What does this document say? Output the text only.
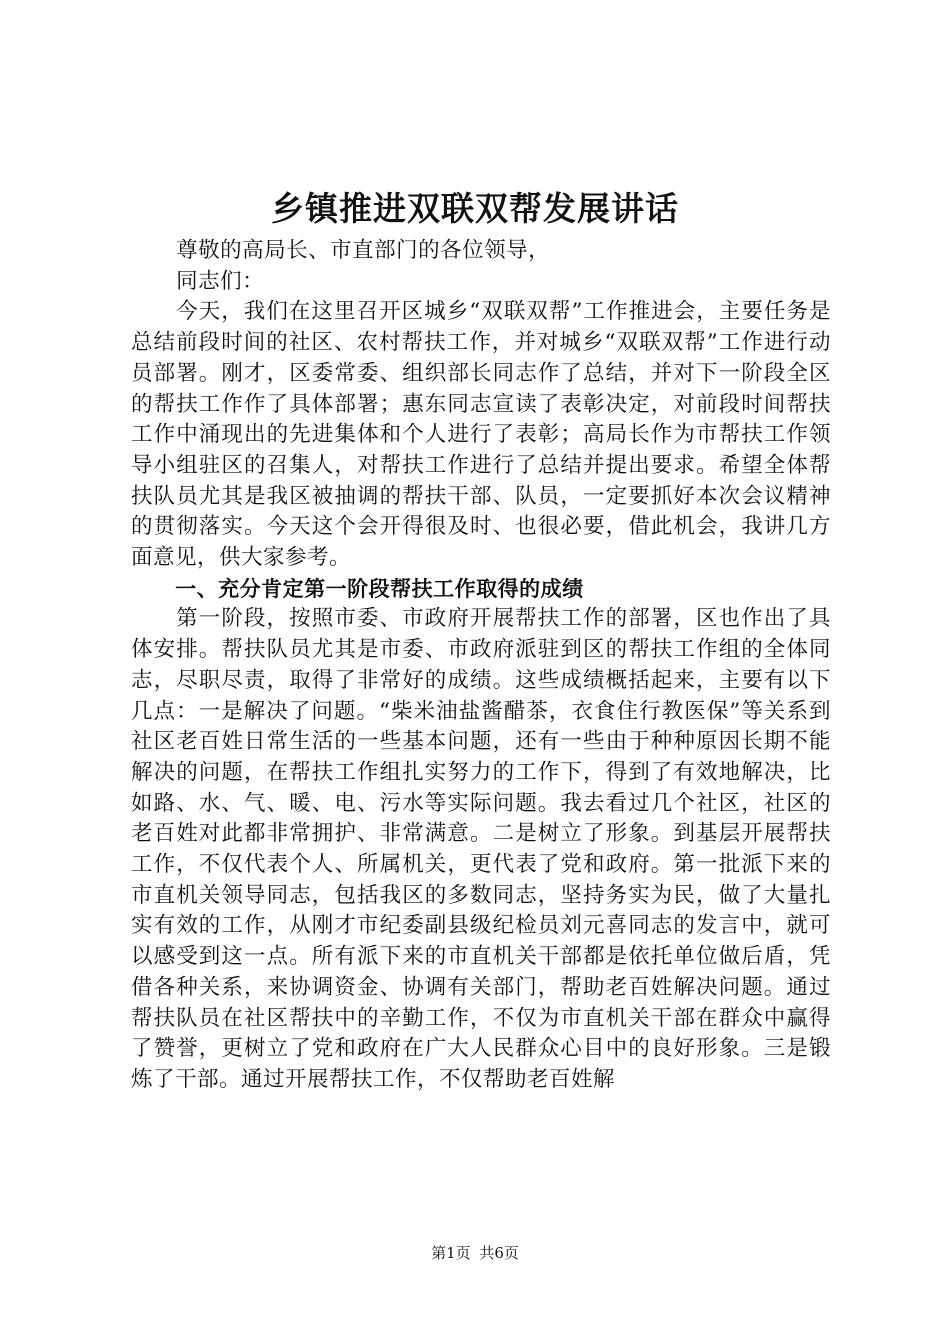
乡镇推进双联双帮发展讲话

尊敬的高局长、市直部门的各位领导，

同志们：

今天，我们在这里召开区城乡“双联双帮”工作推进会，主要任务是总结前段时间的社区、农村帮扶工作，并对城乡“双联双帮”工作进行动员部署。刚才，区委常委、组织部长同志作了总结，并对下一阶段全区的帮扶工作作了具体部署；惠东同志宣读了表彰决定，对前段时间帮扶工作中涌现出的先进集体和个人进行了表彰；高局长作为市帮扶工作领导小组驻区的召集人，对帮扶工作进行了总结并提出要求。希望全体帮扶队员尤其是我区被抽调的帮扶干部、队员，一定要抓好本次会议精神的贯彻落实。今天这个会开得很及时、也很必要，借此机会，我讲几方面意见，供大家参考。

一、充分肯定第一阶段帮扶工作取得的成绩

第一阶段，按照市委、市政府开展帮扶工作的部署，区也作出了具体安排。帮扶队员尤其是市委、市政府派驻到区的帮扶工作组的全体同志，尽职尽责，取得了非常好的成绩。这些成绩概括起来，主要有以下几点：一是解决了问题。“柴米油盐酱醋茶，衣食住行教医保”等关系到社区老百姓日常生活的一些基本问题，还有一些由于种种原因长期不能解决的问题，在帮扶工作组扎实努力的工作下，得到了有效地解决，比如路、水、气、暖、电、污水等实际问题。我去看过几个社区，社区的老百姓对此都非常拥护、非常满意。二是树立了形象。到基层开展帮扶工作，不仅代表个人、所属机关，更代表了党和政府。第一批派下来的市直机关领导同志，包括我区的多数同志，坚持务实为民，做了大量扎实有效的工作，从刚才市纪委副县级纪检员刘元喜同志的发言中，就可以感受到这一点。所有派下来的市直机关干部都是依托单位做后盾，凭借各种关系，来协调资金、协调有关部门，帮助老百姓解决问题。通过帮扶队员在社区帮扶中的辛勤工作，不仅为市直机关干部在群众中赢得了赞誉，更树立了党和政府在广大人民群众心目中的良好形象。三是锻炼了干部。通过开展帮扶工作，不仅帮助老百姓解

第1页 共6页
